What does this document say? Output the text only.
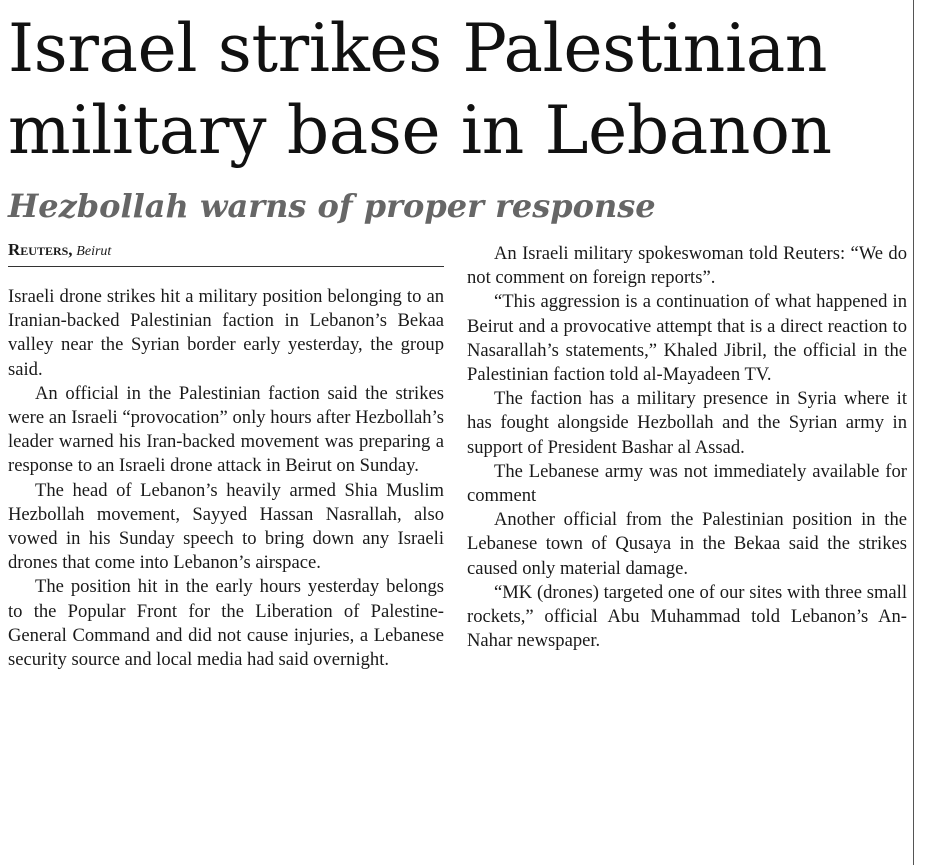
Israel strikes Palestinian military base in Lebanon
Hezbollah warns of proper response
Reuters, Beirut

Israeli drone strikes hit a military position belonging to an Iranian-backed Palestinian faction in Lebanon’s Bekaa valley near the Syrian border early yesterday, the group said.

An official in the Palestinian faction said the strikes were an Israeli “provocation” only hours after Hezbollah’s leader warned his Iran-backed movement was preparing a response to an Israeli drone attack in Beirut on Sunday.

The head of Lebanon’s heavily armed Shia Muslim Hezbollah movement, Sayyed Hassan Nasrallah, also vowed in his Sunday speech to bring down any Israeli drones that come into Lebanon’s airspace.

The position hit in the early hours yesterday belongs to the Popular Front for the Liberation of Palestine-General Command and did not cause injuries, a Lebanese security source and local media had said overnight.

An Israeli military spokeswoman told Reuters: “We do not comment on foreign reports”.

“This aggression is a continuation of what happened in Beirut and a provocative attempt that is a direct reaction to Nasarallah’s statements,” Khaled Jibril, the official in the Palestinian faction told al-Mayadeen TV.

The faction has a military presence in Syria where it has fought alongside Hezbollah and the Syrian army in support of President Bashar al Assad.

The Lebanese army was not immediately available for comment

Another official from the Palestinian position in the Lebanese town of Qusaya in the Bekaa said the strikes caused only material damage.

“MK (drones) targeted one of our sites with three small rockets,” official Abu Muhammad told Lebanon’s An-Nahar newspaper.
